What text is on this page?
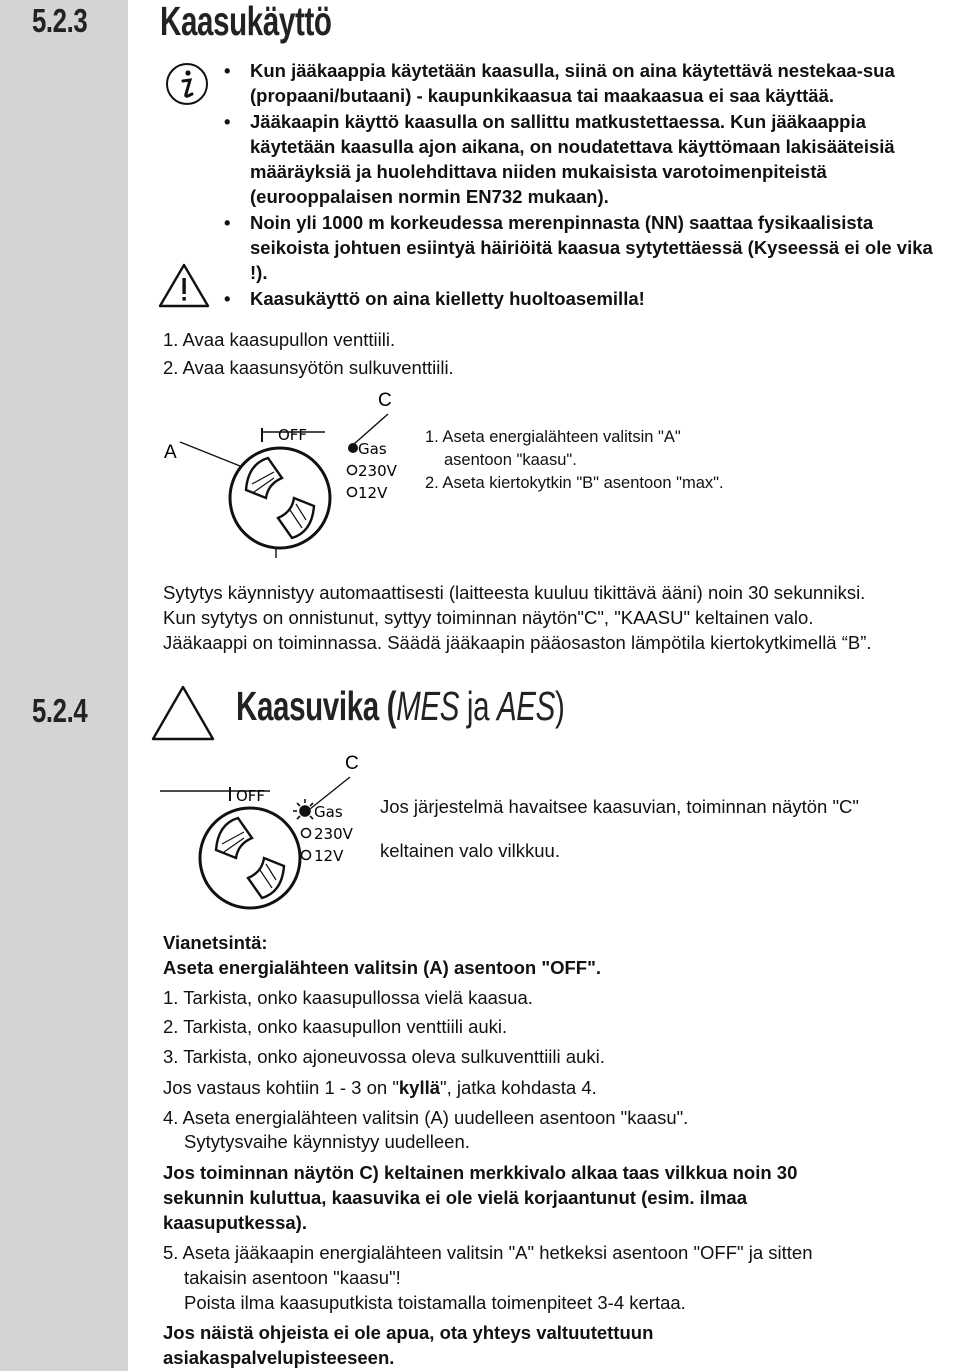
5.2.3 Kaasukäyttö
• Kun jääkaappia käytetään kaasulla, siinä on aina käytettävä nestekaa-sua (propaani/butaani) - kaupunkikaasua tai maakaasua ei saa käyttää.
• Jääkaapin käyttö kaasulla on sallittu matkustettaessa. Kun jääkaappia käytetään kaasulla ajon aikana, on noudatettava käyttömaan lakisääteisiä määräyksiä ja huolehdittava niiden mukaisista varotoimenpiteistä (eurooppalaisen normin EN732 mukaan).
• Noin yli 1000 m korkeudessa merenpinnasta (NN) saattaa fysikaalisista seikoista johtuen esiintyä häiriöitä kaasua sytytettäessä (Kyseessä ei ole vika !).
• Kaasukäyttö on aina kielletty huoltoasemilla!
1. Avaa kaasupullon venttiili.
2. Avaa kaasunsyötön sulkuventtiili.
A
C
OFF
Gas
230V
12V
1. Aseta energialähteen valitsin "A"
asentoon "kaasu".
2. Aseta kiertokytkin "B" asentoon "max".
Sytytys käynnistyy automaattisesti (laitteesta kuuluu tikittävä ääni) noin 30 sekunniksi.
Kun sytytys on onnistunut, syttyy toiminnan näytön"C", "KAASU" keltainen valo.
Jääkaappi on toiminnassa. Säädä jääkaapin pääosaston lämpötila kiertokytkimellä “B”.
5.2.4	Kaasuvika (MES ja AES)
C
OFF
Gas
230V
12V
Jos järjestelmä havaitsee kaasuvian, toiminnan näytön "C"
keltainen valo vilkkuu.
Vianetsintä:
Aseta energialähteen valitsin (A) asentoon "OFF".
1. Tarkista, onko kaasupullossa vielä kaasua.
2. Tarkista, onko kaasupullon venttiili auki.
3. Tarkista, onko ajoneuvossa oleva sulkuventtiili auki.
Jos vastaus kohtiin 1 - 3 on "kyllä", jatka kohdasta 4.
4. Aseta energialähteen valitsin (A) uudelleen asentoon "kaasu".
Sytytysvaihe käynnistyy uudelleen.
Jos toiminnan näytön C) keltainen merkkivalo alkaa taas vilkkua noin 30
sekunnin kuluttua, kaasuvika ei ole vielä korjaantunut (esim. ilmaa
kaasuputkessa).
5. Aseta jääkaapin energialähteen valitsin "A" hetkeksi asentoon "OFF" ja sitten
takaisin asentoon "kaasu"!
Poista ilma kaasuputkista toistamalla toimenpiteet 3-4 kertaa.
Jos näistä ohjeista ei ole apua, ota yhteys valtuutettuun
asiakaspalvelupisteeseen.
